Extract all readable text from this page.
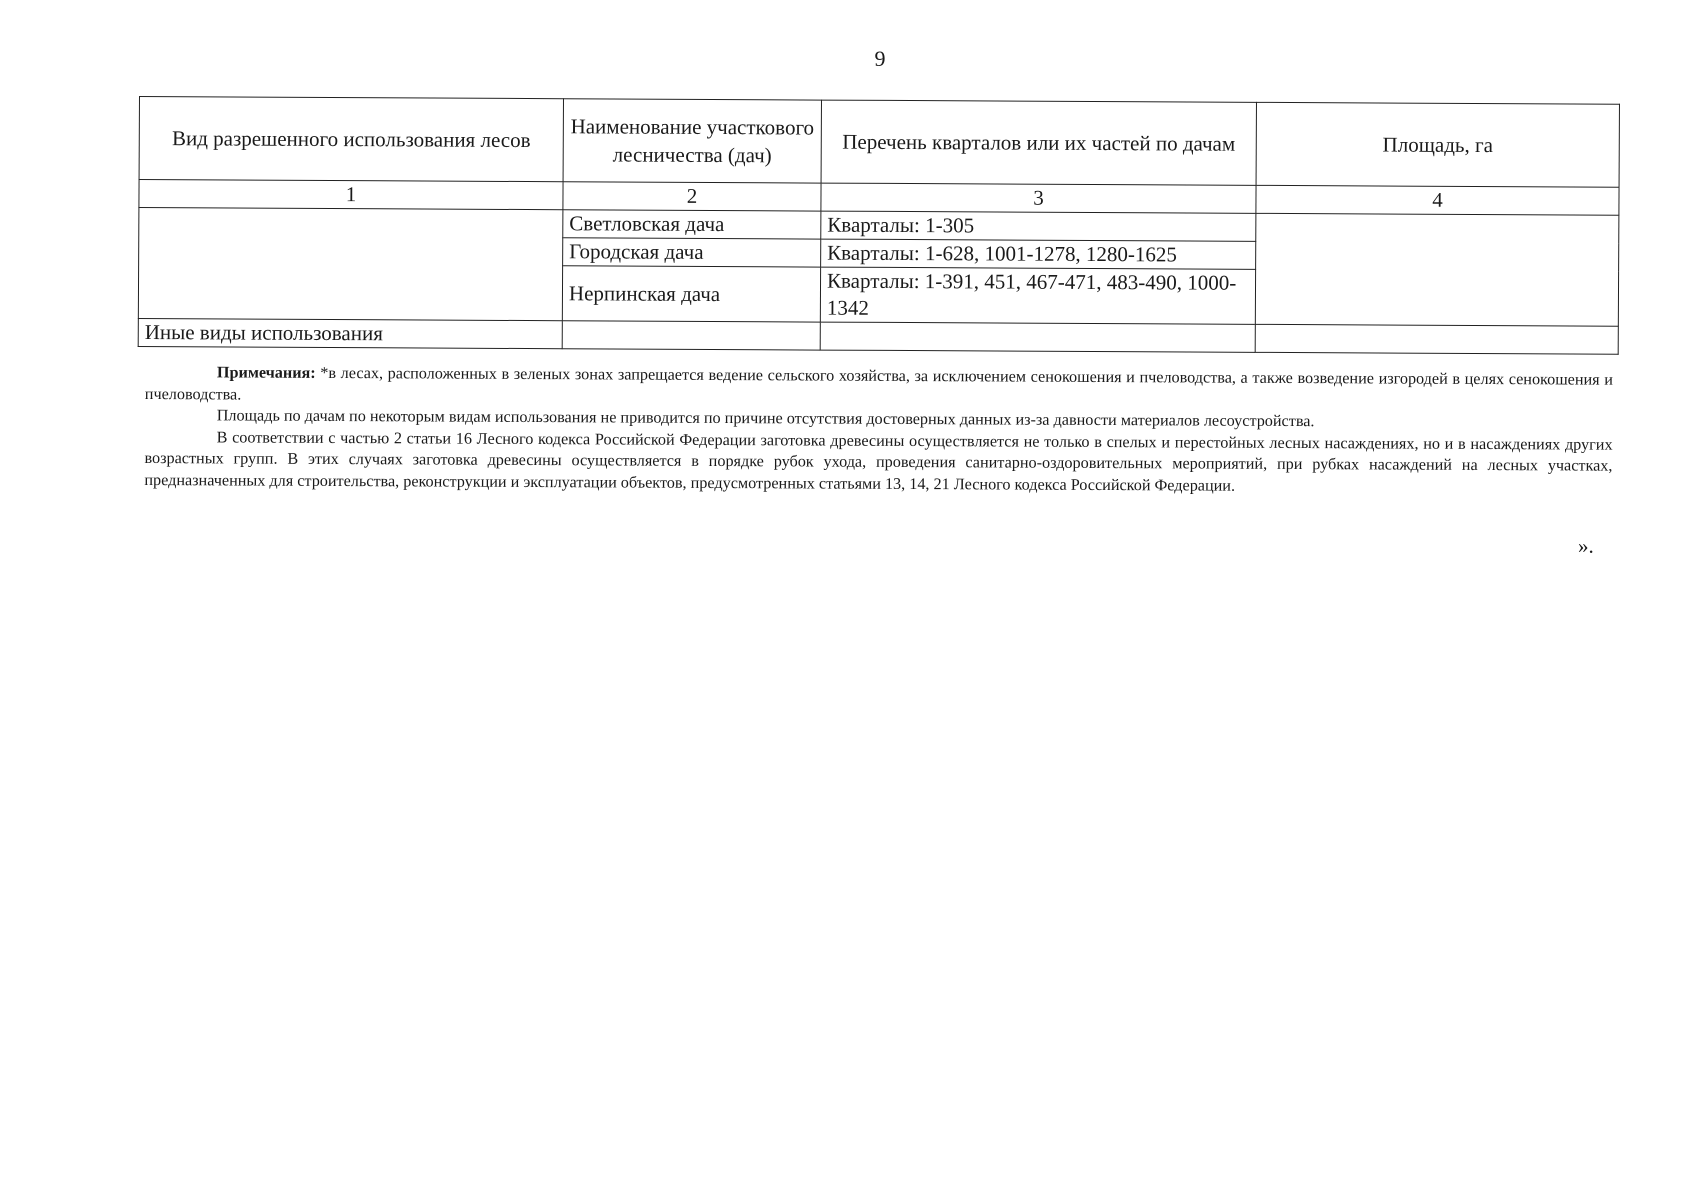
9
Вид разрешенного использования лесов	Наименование участкового лесничества (дач)	Перечень кварталов или их частей по дачам	Площадь, га
1	2	3	4
	Светловская дача	Кварталы: 1-305	
	Городская дача	Кварталы: 1-628, 1001-1278, 1280-1625	
	Нерпинская дача	Кварталы: 1-391, 451, 467-471, 483-490, 1000-1342	
Иные виды использования			

Примечания: *в лесах, расположенных в зеленых зонах запрещается ведение сельского хозяйства, за исключением сенокошения и пчеловодства, а также возведение изгородей в целях сенокошения и пчеловодства.

Площадь по дачам по некоторым видам использования не приводится по причине отсутствия достоверных данных из-за давности материалов лесоустройства.

В соответствии с частью 2 статьи 16 Лесного кодекса Российской Федерации заготовка древесины осуществляется не только в спелых и перестойных лесных насаждениях, но и в насаждениях других возрастных групп. В этих случаях заготовка древесины осуществляется в порядке рубок ухода, проведения санитарно-оздоровительных мероприятий, при рубках насаждений на лесных участках, предназначенных для строительства, реконструкции и эксплуатации объектов, предусмотренных статьями 13, 14, 21 Лесного кодекса Российской Федерации.

».
